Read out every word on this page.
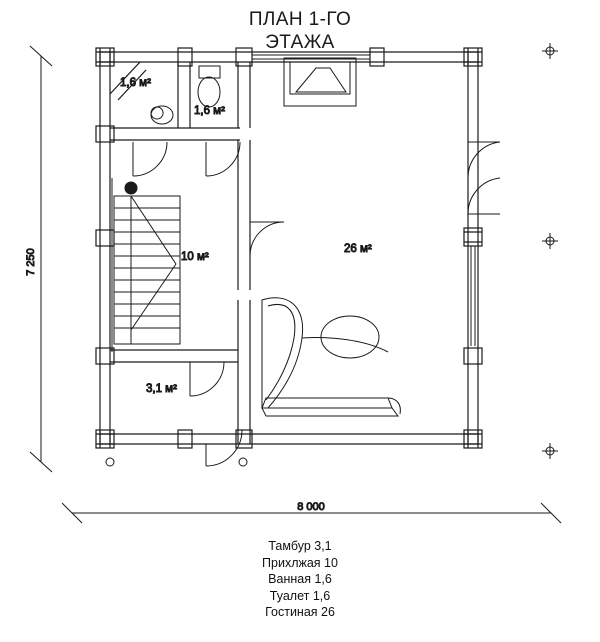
ПЛАН 1-ГО
ЭТАЖА
1,6 м²
1,6 м²
10 м²
26 м²
3,1 м²
7 250
8 000
Тамбур 3,1
Прихлжая 10
Ванная 1,6
Туалет 1,6
Гостиная 26
